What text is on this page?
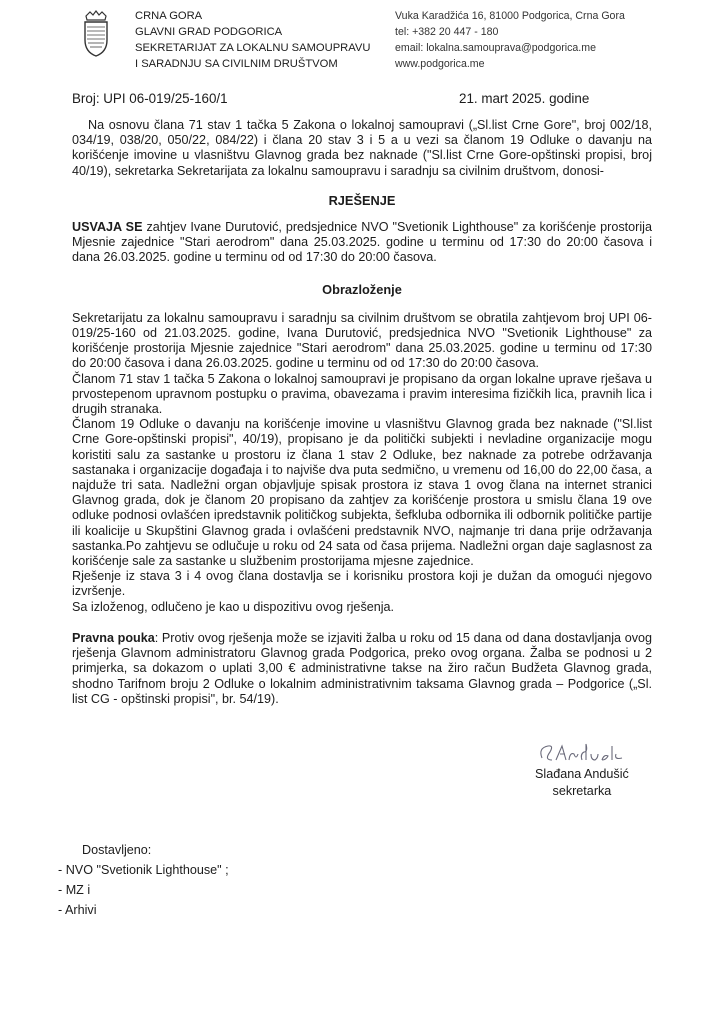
CRNA GORA
GLAVNI GRAD PODGORICA
SEKRETARIJAT ZA LOKALNU SAMOUPRAVU
I SARADNJU SA CIVILNIM DRUŠTVOM
Vuka Karadžića 16, 81000 Podgorica, Crna Gora
tel: +382 20 447 - 180
email: lokalna.samouprava@podgorica.me
www.podgorica.me
Broj: UPI 06-019/25-160/1	21. mart 2025. godine

Na osnovu člana 71 stav 1 tačka 5 Zakona o lokalnoj samoupravi („Sl.list Crne Gore", broj 002/18, 034/19, 038/20, 050/22, 084/22) i člana 20 stav 3 i 5 a u vezi sa članom 19 Odluke o davanju na korišćenje imovine u vlasništvu Glavnog grada bez naknade ("Sl.list Crne Gore-opštinski propisi, broj 40/19), sekretarka Sekretarijata za lokalnu samoupravu i saradnju sa civilnim društvom, donosi-

RJEŠENJE

USVAJA SE zahtjev Ivane Durutović, predsjednice NVO "Svetionik Lighthouse" za korišćenje prostorija Mjesnie zajednice "Stari aerodrom" dana 25.03.2025. godine u terminu od 17:30 do 20:00 časova i dana 26.03.2025. godine u terminu od od 17:30 do 20:00 časova.

Obrazloženje

Sekretarijatu za lokalnu samoupravu i saradnju sa civilnim društvom se obratila zahtjevom broj UPI 06-019/25-160 od 21.03.2025. godine, Ivana Durutović, predsjednica NVO "Svetionik Lighthouse" za korišćenje prostorija Mjesnie zajednice "Stari aerodrom" dana 25.03.2025. godine u terminu od 17:30 do 20:00 časova i dana 26.03.2025. godine u terminu od od 17:30 do 20:00 časova.

Članom 71 stav 1 tačka 5 Zakona o lokalnoj samoupravi je propisano da organ lokalne uprave rješava u prvostepenom upravnom postupku o pravima, obavezama i pravim interesima fizičkih lica, pravnih lica i drugih stranaka.

Članom 19 Odluke o davanju na korišćenje imovine u vlasništvu Glavnog grada bez naknade ("Sl.list Crne Gore-opštinski propisi", 40/19), propisano je da politički subjekti i nevladine organizacije mogu koristiti salu za sastanke u prostoru iz člana 1 stav 2 Odluke, bez naknade za potrebe održavanja sastanaka i organizacije događaja i to najviše dva puta sedmično, u vremenu od 16,00 do 22,00 časa, a najduže tri sata. Nadležni organ objavljuje spisak prostora iz stava 1 ovog člana na internet stranici Glavnog grada, dok je članom 20 propisano da zahtjev za korišćenje prostora u smislu člana 19 ove odluke podnosi ovlašćen ipredstavnik političkog subjekta, šefkluba odbornika ili odbornik političke partije ili koalicije u Skupštini Glavnog grada i ovlašćeni predstavnik NVO, najmanje tri dana prije održavanja sastanka.Po zahtjevu se odlučuje u roku od 24 sata od časa prijema. Nadležni organ daje saglasnost za korišćenje sale za sastanke u službenim prostorijama mjesne zajednice.

Rješenje iz stava 3 i 4 ovog člana dostavlja se i korisniku prostora koji je dužan da omogući njegovo izvršenje.

Sa izloženog, odlučeno je kao u dispozitivu ovog rješenja.

Pravna pouka: Protiv ovog rješenja može se izjaviti žalba u roku od 15 dana od dana dostavljanja ovog rješenja Glavnom administratoru Glavnog grada Podgorica, preko ovog organa. Žalba se podnosi u 2 primjerka, sa dokazom o uplati 3,00 € administrativne takse na žiro račun Budžeta Glavnog grada, shodno Tarifnom broju 2 Odluke o lokalnim administrativnim taksama Glavnog grada – Podgorice („Sl. list CG - opštinski propisi", br. 54/19).

Slađana Andušić
sekretarka
Dostavljeno:
- NVO "Svetionik Lighthouse" ;
- MZ i
- Arhivi
